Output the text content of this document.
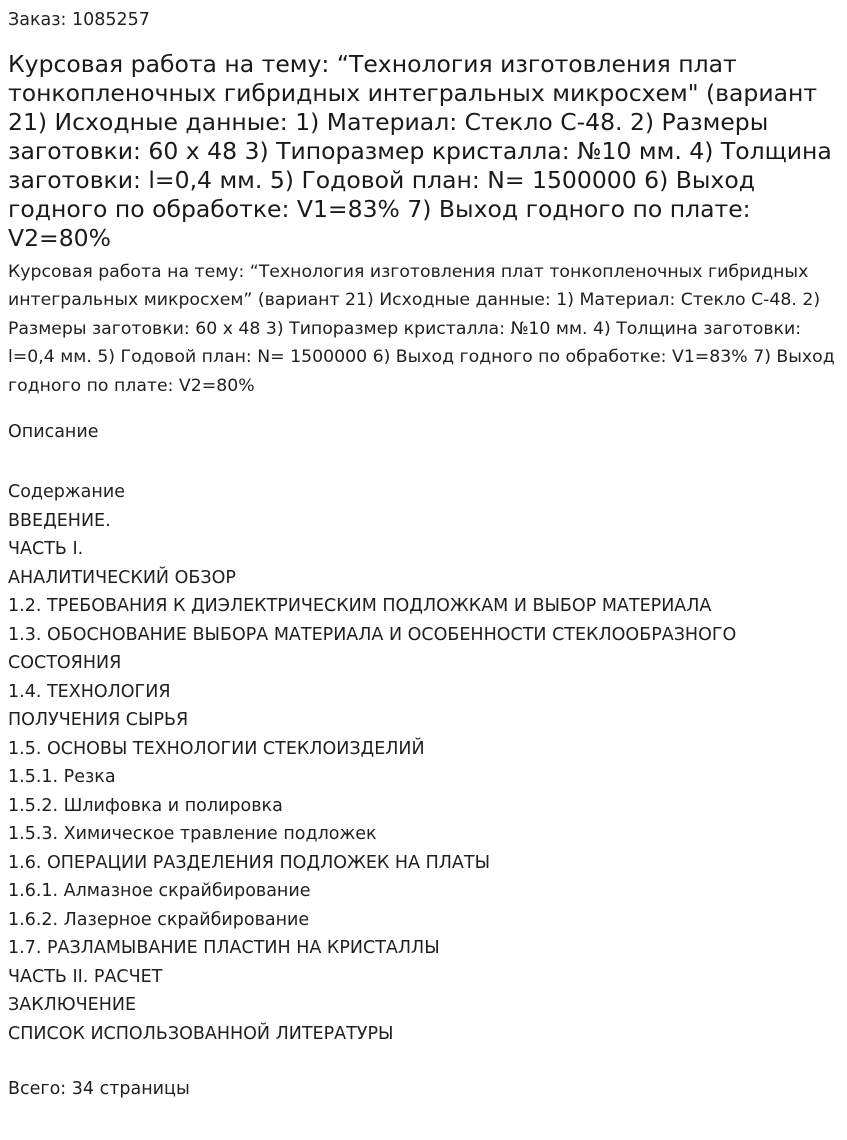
Заказ: 1085257
Курсовая работа на тему: “Технология изготовления плат тонкопленочных гибридных интегральных микросхем" (вариант 21) Исходные данные: 1) Материал: Стекло С-48. 2) Размеры заготовки: 60 х 48 3) Типоразмер кристалла: №10 мм. 4) Толщина заготовки: l=0,4 мм. 5) Годовой план: N= 1500000 6) Выход годного по обработке: V1=83% 7) Выход годного по плате: V2=80%

Курсовая работа на тему: “Технология изготовления плат тонкопленочных гибридных интегральных микросхем” (вариант 21) Исходные данные: 1) Материал: Стекло С-48. 2) Размеры заготовки: 60 х 48 3) Типоразмер кристалла: №10 мм. 4) Толщина заготовки: l=0,4 мм. 5) Годовой план: N= 1500000 6) Выход годного по обработке: V1=83% 7) Выход годного по плате: V2=80%

Описание
Содержание
ВВЕДЕНИЕ.
ЧАСТЬ I.
АНАЛИТИЧЕСКИЙ ОБЗОР
1.2. ТРЕБОВАНИЯ К ДИЭЛЕКТРИЧЕСКИМ ПОДЛОЖКАМ И ВЫБОР МАТЕРИАЛА
1.3. ОБОСНОВАНИЕ ВЫБОРА МАТЕРИАЛА И ОСОБЕННОСТИ СТЕКЛООБРАЗНОГО
СОСТОЯНИЯ
1.4. ТЕХНОЛОГИЯ
ПОЛУЧЕНИЯ СЫРЬЯ
1.5. ОСНОВЫ ТЕХНОЛОГИИ СТЕКЛОИЗДЕЛИЙ
1.5.1. Резка
1.5.2. Шлифовка и полировка
1.5.3. Химическое травление подложек
1.6. ОПЕРАЦИИ РАЗДЕЛЕНИЯ ПОДЛОЖЕК НА ПЛАТЫ
1.6.1. Алмазное скрайбирование
1.6.2. Лазерное скрайбирование
1.7. РАЗЛАМЫВАНИЕ ПЛАСТИН НА КРИСТАЛЛЫ
ЧАСТЬ II. РАСЧЕТ
ЗАКЛЮЧЕНИЕ
СПИСОК ИСПОЛЬЗОВАННОЙ ЛИТЕРАТУРЫ
Всего: 34 страницы
